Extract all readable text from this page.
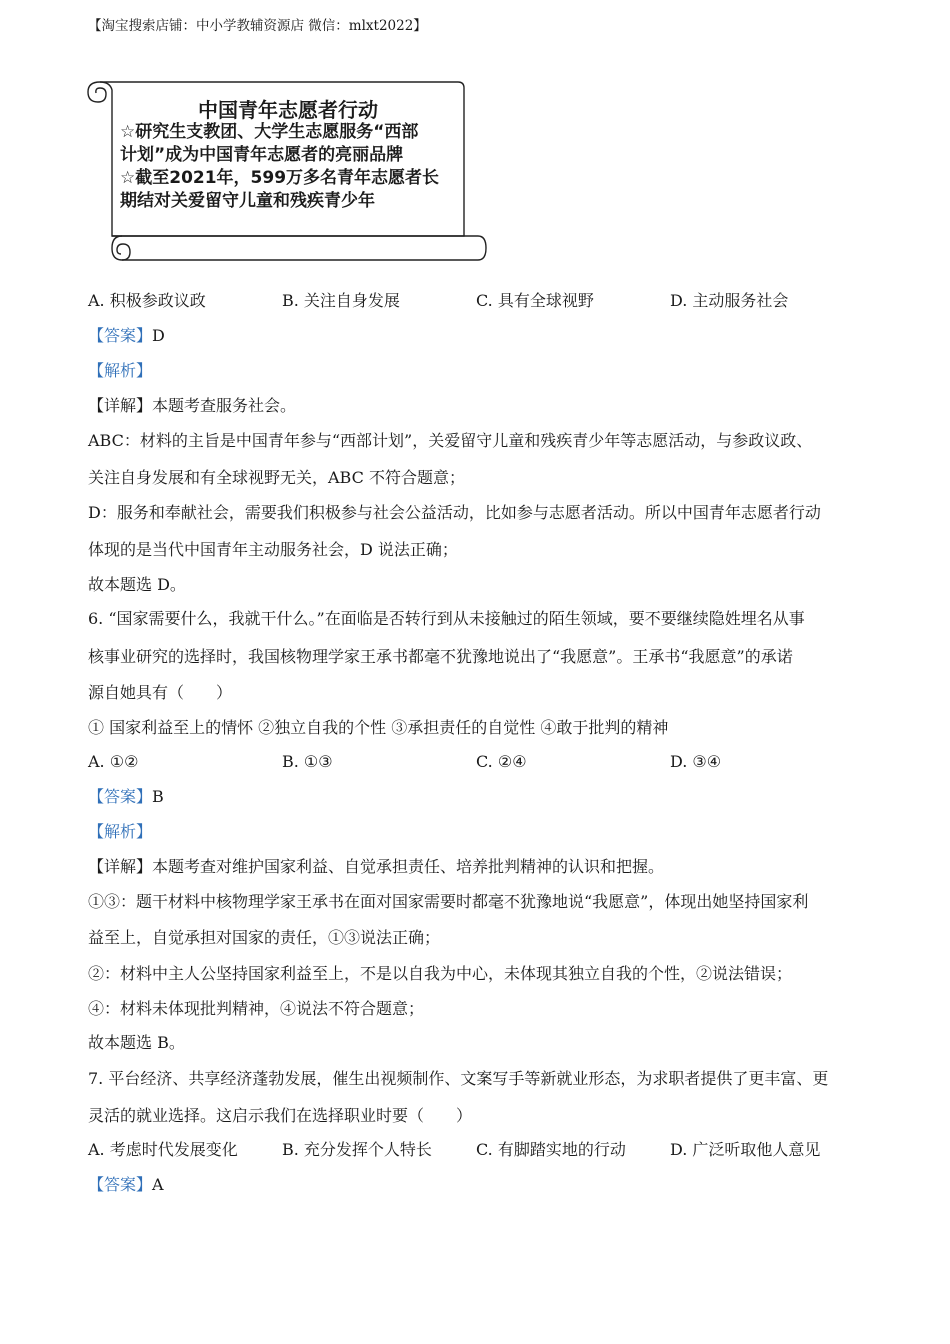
【淘宝搜索店铺：中小学教辅资源店 微信：mlxt2022】
中国青年志愿者行动
☆研究生支教团、大学生志愿服务“西部
计划”成为中国青年志愿者的亮丽品牌
☆截至2021年，599万多名青年志愿者长
期结对关爱留守儿童和残疾青少年
A. 积极参政议政	B. 关注自身发展	C. 具有全球视野	D. 主动服务社会
【答案】D
【解析】
【详解】本题考查服务社会。
ABC：材料的主旨是中国青年参与“西部计划”，关爱留守儿童和残疾青少年等志愿活动，与参政议政、
关注自身发展和有全球视野无关，ABC 不符合题意；
D：服务和奉献社会，需要我们积极参与社会公益活动，比如参与志愿者活动。所以中国青年志愿者行动
体现的是当代中国青年主动服务社会，D 说法正确；
故本题选 D。
6. “国家需要什么，我就干什么。”在面临是否转行到从未接触过的陌生领域，要不要继续隐姓埋名从事
核事业研究的选择时，我国核物理学家王承书都毫不犹豫地说出了“我愿意”。王承书“我愿意”的承诺
源自她具有（　　）
① 国家利益至上的情怀 ②独立自我的个性 ③承担责任的自觉性 ④敢于批判的精神
A. ①②	B. ①③	C. ②④	D. ③④
【答案】B
【解析】
【详解】本题考查对维护国家利益、自觉承担责任、培养批判精神的认识和把握。
①③：题干材料中核物理学家王承书在面对国家需要时都毫不犹豫地说“我愿意”，体现出她坚持国家利
益至上，自觉承担对国家的责任，①③说法正确；
②：材料中主人公坚持国家利益至上，不是以自我为中心，未体现其独立自我的个性，②说法错误；
④：材料未体现批判精神，④说法不符合题意；
故本题选 B。
7. 平台经济、共享经济蓬勃发展，催生出视频制作、文案写手等新就业形态，为求职者提供了更丰富、更
灵活的就业选择。这启示我们在选择职业时要（　　）
A. 考虑时代发展变化	B. 充分发挥个人特长	C. 有脚踏实地的行动	D. 广泛听取他人意见
【答案】A
